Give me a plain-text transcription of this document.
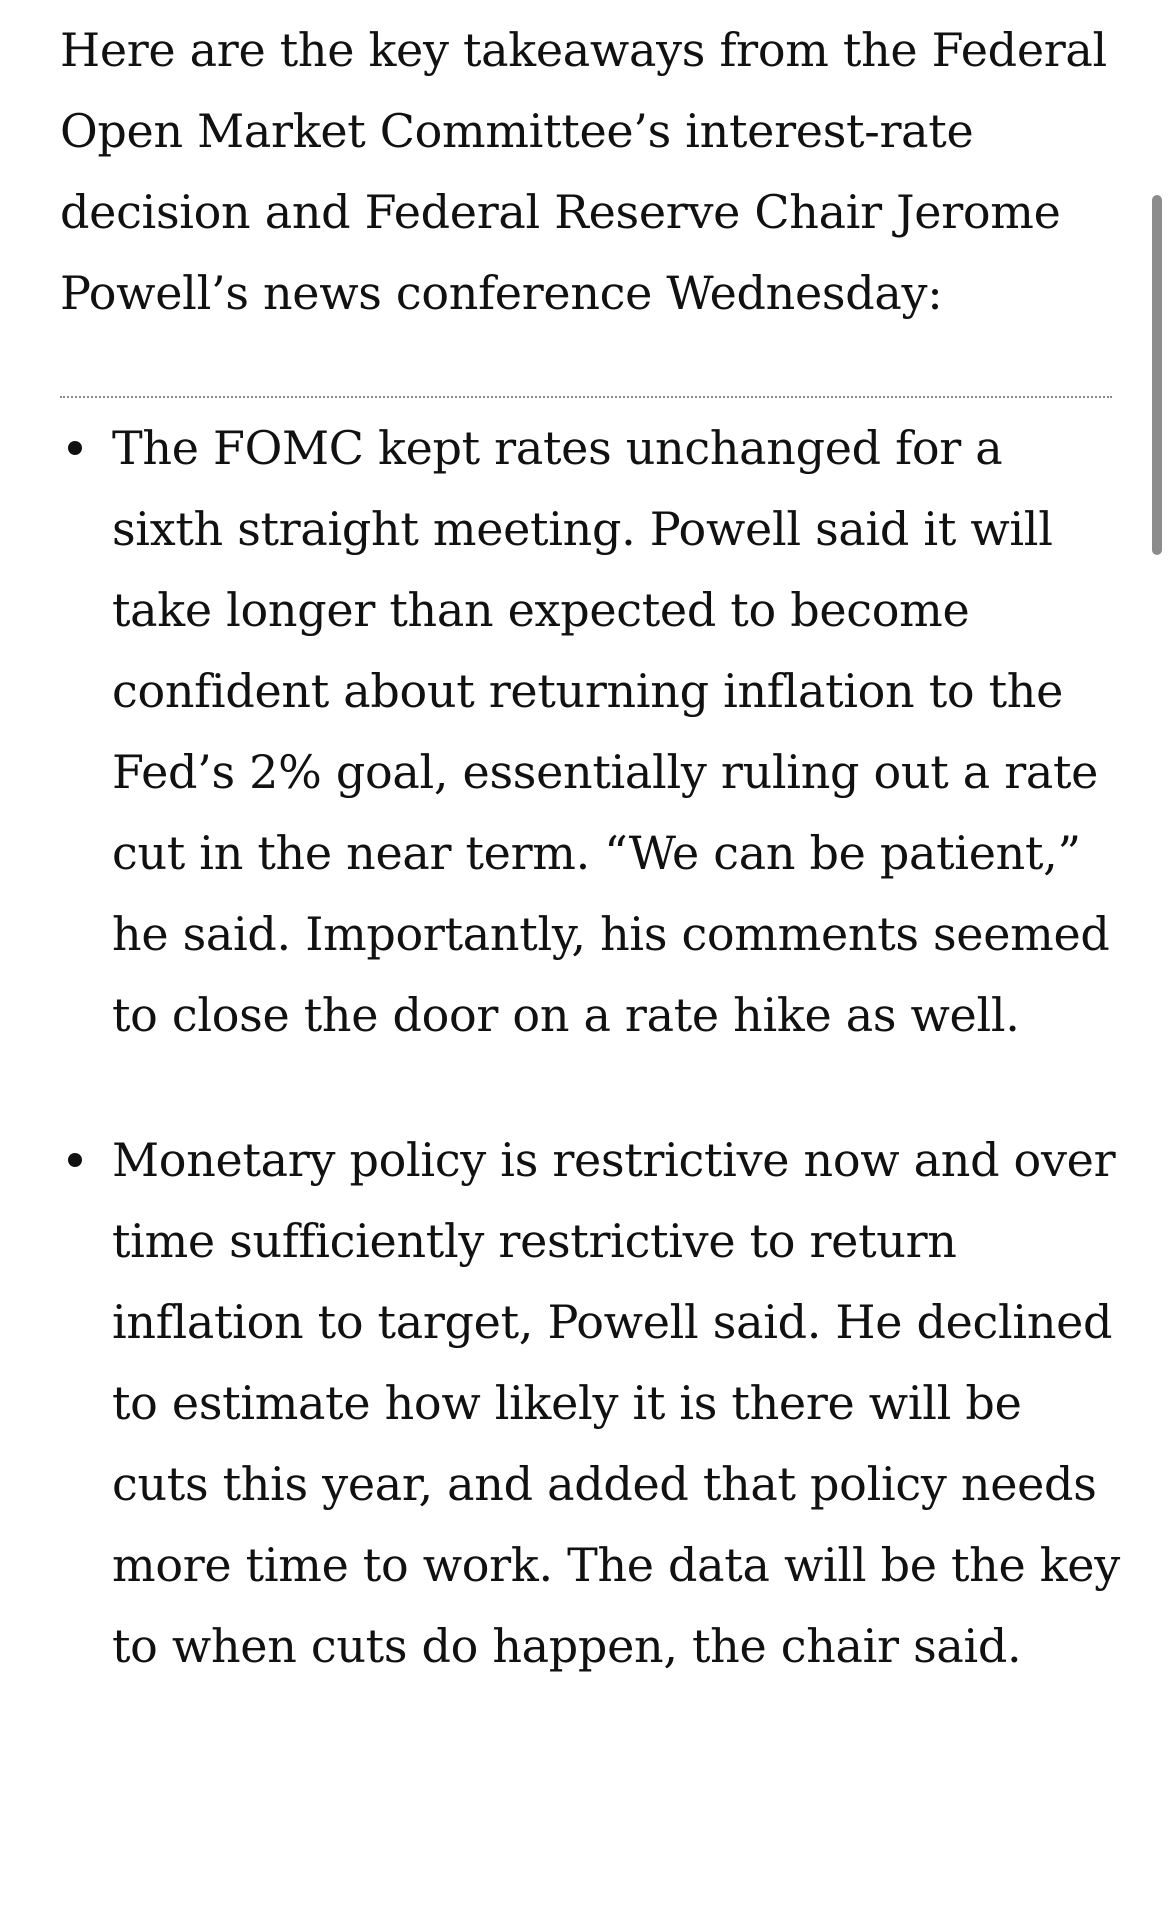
Here are the key takeaways from the Federal Open Market Committee’s interest-rate decision and Federal Reserve Chair Jerome Powell’s news conference Wednesday:

The FOMC kept rates unchanged for a sixth straight meeting. Powell said it will take longer than expected to become confident about returning inflation to the Fed’s 2% goal, essentially ruling out a rate cut in the near term. “We can be patient,” he said. Importantly, his comments seemed to close the door on a rate hike as well.
Monetary policy is restrictive now and over time sufficiently restrictive to return inflation to target, Powell said. He declined to estimate how likely it is there will be cuts this year, and added that policy needs more time to work. The data will be the key to when cuts do happen, the chair said.
